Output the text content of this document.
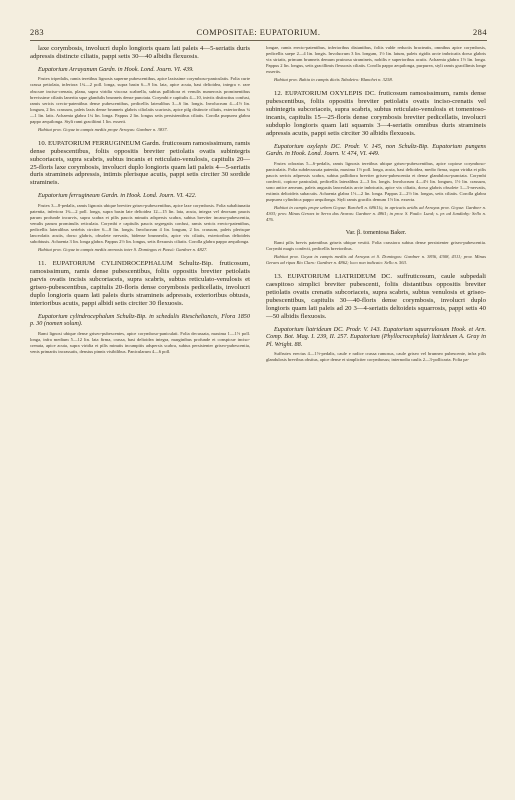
283	COMPOSITAE: EUPATORIUM.	284

laxe corymbosis, involucri duplo longioris quam lati paleis 4—5-seriatis duris adpressis distincte ciliatis, pappi setis 30—40 albidis flexuosis.

Eupatorium Arrayanum Gardn. in Hook. Lond. Journ. VI. 439.

Frutex tripedalis, ramis teretibus lignosis superne pubescentibus, apice laxissime corymboso-paniculatis. Folia curte crassa petiolata, inferiora 1¾—2 poll. longa, supra basin 6—9 lin. lata, apice acuta, basi deltoidea, integra v. rare obscure inciso-crenata, plana, supra viridia viscosa scabrella, subtus pallidiora et venulis numerosis prominentibus brevissime ciliatis lanerita sque glandulis brunneis dense punctata. Corymbi e capitulis 4—10, iniviis distinctius confusi, ramis sericis crecto-patentibus dense pubescentibus, pedicellis lateralibus 3—6 lin. longis. Involucrum 4—4½ lin. longum, 2 lin. crassum, paleis laxis dense brunneis glabris ciliolatis scariosis, apice pilg distincte ciliatis, exterioribus ¾—1 lin. latis. Achaenia glabra 1¼ lin. longa. Pappus 2 lin. longus setis persistentibus ciliatis. Corolla purpurea glabra pappo aequilonga. Styli rami graciliimi 1 lin. exserti.

Habitat prov. Goyaz in campis mediis prope Arrayas: Gardner n. 3837.

10. EUPATORIUM FERRUGINEUM Gardn. fruticosum ramosissimum, ramis dense pubescentibus, foliis oppositis breviter petiolatis ovatis subintegris subcoriaceis, supra scabris, subtus incanis et reticulato-venulosis, capitulis 20—25-floris laxe corymbosis, involucri duplo longioris quam lati paleis 4—5-seriatis duris stramineis adpressis, intimis plerisque acutis, pappi setis circiter 30 sordide stramineis.

Eupatorium ferrugineum Gardn. in Hook. Lond. Journ. VI. 422.

Frutex 3—8-pedalis, ramis lignosis ubique breviter griseo-pubescentibus, apice laxe corymbosis. Folia subaltiunatia patentia, inferiora 1¾—2 poll. longa, supra basin late deltoidea 12—15 lin. lata, acuta, integra vel deorsum paucis parum profunde incurvis, supra scabra et pilis paucis minutis adspersis scabra, subtus breviter incano-pubescentia, venulis parum prominulis reticulata. Corymbi e capitulis paucis segregatis confusi, ramis sericis erecto-patentibus, pedicellis lateralibus seriebis circiter 6—8 lin. longis. Involucrum 4 lin. longum, 2 lin. crassum, paleis plerisque lanceolatis acutis, dorso glabris, obsolete nervatis, bidense brunneolis, apice vix ciliatis, exterioribus deltoideis subobtusis. Achaenia 3 lin. longa glabra. Pappus 2½ lin. longus, setis flexuosis ciliatis. Corolla glabra pappo aequilonga.

Habitat prov. Goyaz in campis mediis arenosis inter S. Domingos et Passó: Gardner n. 4827.

11. EUPATORIUM CYLINDROCEPHALUM Schultz-Bip. fruticosum, ramosissimum, ramis dense pubescentibus, foliis oppositis breviter petiolatis parvis ovatis incisis subcoriaceis, supra scabris, subtus reticulato-venulosis et griseo-pubescentibus, capitulis 20-floris dense corymbosis pedicellatis, involucri duplo longioris quam lati paleis duris stramineis adpressis, exterioribus obtusis, interioribus acutis, pappi albidi setis circiter 30 flexuosis.

Eupatorium cylindrocephalum Schultz-Bip. in schedulis Riescheliancis, Flora 1850 p. 30 (nomen solum).

Rami lignosi ubique dense griseo-pubescentes, apice corymboso-paniculati. Folia decussata, maxima 1—1½ poll. longa, infra medium 5—12 lin. lata firma, crassa, basi deltoidea integra, marginibus profunde et conspicue inciso-crenata, apice acuta, supra viridia et pilis minutis incumpitis adspersis scabra, subtus persistenter griseo-pubescentia, venis primariis incrassatis, densius pinnis visibilibus. Panicularum 4—6 poll.

longae, ramis erecto-patentibus, inferioribus distantibus, foliis valde reductis bracteatis, omnibus apice corymbosis, pedicellis saepe 2—4 lin. longis. Involucrum 3 lin. longum, 1½ lin. latum, paleis rigidis arcte imbricatis dorso glabris vix striatis, primum brunneis demum pruinosa stramineis, nobilis e superioribus acutis. Achaenia glabra 1½ lin. longa. Pappus 2 lin. longus, setis gracillimis flexuosis ciliatis. Corolla pappo aequilonga, purpurea, styli ramis gracillimis longe exsertis.

Habitat prov. Bahia in campis dictis Tabuleiro: Blanchet n. 3258.

12. EUPATORIUM OXYLEPIS DC. fruticosum ramosissimum, ramis dense pubescentibus, foliis oppositis breviter petiolatis ovatis inciso-crenatis vel subintegris subcoriaceis, supra scabris, subtus reticulato-venulosis et tomentoso-incanis, capitulis 15—25-floris dense corymbosis breviter pedicellatis, involucri subduplo longioris quam lati squamis 3—4-seriatis omnibus duris stramineis adpressis acutis, pappi setis circiter 30 albidis flexuosis.

Eupatorium oxylepis DC. Prodr. V. 145, non Schultz-Bip. Eupatorium pungens Gardn. in Hook. Lond. Journ. V. 474, VI. 449.

Frutex odoratus 5—6-pedalis, ramis lignosis teretibus ubique griseo-pubescentibus, apice copiose corymboso-paniculatis. Folia subdecussata patentia, maxima 1½ poll. longa, acuta, basi deltoidea, medio firma, supra viridia et pilis paucis sericis adpressis scabra, subtus pallidiora breviter griseo-pubescentia et dense glanduloso-punctata. Corymbi confecti, copiose paniculati, pedicellis lateralibus 2—3 lin. longis. Involucrum 4—4½ lin. longum, 1½ lin. crassum, sono antice aeneum, paleis angustis lanceolatis arcte imbricatis, apice vix ciliatis, dorso glabris obsolete 1—3-nervatis, extimis deltoideis subacutis. Achaenia glabra 1½—2 lin. longa. Pappus 2—2½ lin. longus, setis ciliatis. Corolla glabra purpurea cylindrica pappo aequilonga. Styli ramis gracilis demum 1½ lin. exserta.

Habitat in campis prope urbem Goyaz: Burchell n. 6861¾; in apricatis aridis ad Arrayas prov. Goyaz: Gardner n. 4303; prov. Minas Geraes in Serra das Araras: Gardner n. 4861; in prov. S. Paulo: Lund; s. pr. ad Jundiahy: Sello n. 476.

Var. β. tomentosa Baker.

Rami pilis brevis patentibus griseis ubique vestiti. Folia crassiora subtus dense persistenter griseo-pubescentia. Corymbi magis confecti, pedicellis brevioribus.

Habitat prov. Goyaz in campis mediis ad Arrayas et S. Domingos: Gardner n. 3836, 4308, 4311; prov. Minas Geraes ad ripas Rio Claro: Gardner n. 4862; loco non indicato: Sello n. 563.

13. EUPATORIUM LIATRIDEUM DC. suffruticosum, caule subpedali caespitoso simplici breviter pubescenti, foliis distantibus oppositis breviter petiolatis ovatis crenatis subcoriaceis, supra scabris, subtus venulosis et griseo-pubescentibus, capitulis 30—40-floris dense corymbosis, involucri duplo longioris quam lati paleis ad 20 3—4-seriatis deltoideis squarrosis, pappi setis 40—50 albidis flexuosis.

Eupatorium liatrideum DC. Prodr. V. 143. Eupatorium squarrulosum Hook. et Arn. Comp. Bot. Mag. I. 239, II. 257. Eupatorium (Phyllocrocephala) liatrideum A. Gray in Pl. Wright. 88.

Suffrutex erectus 4—1½-pedalis, caule e radice crassa ramosus, caule griseo vel brunneo pubescente, infra pilis glandulosis brevibus obsitus, apice dense et simpliciter corymbosus; internodia caulis 2—3-pollicaria. Folia pa-
